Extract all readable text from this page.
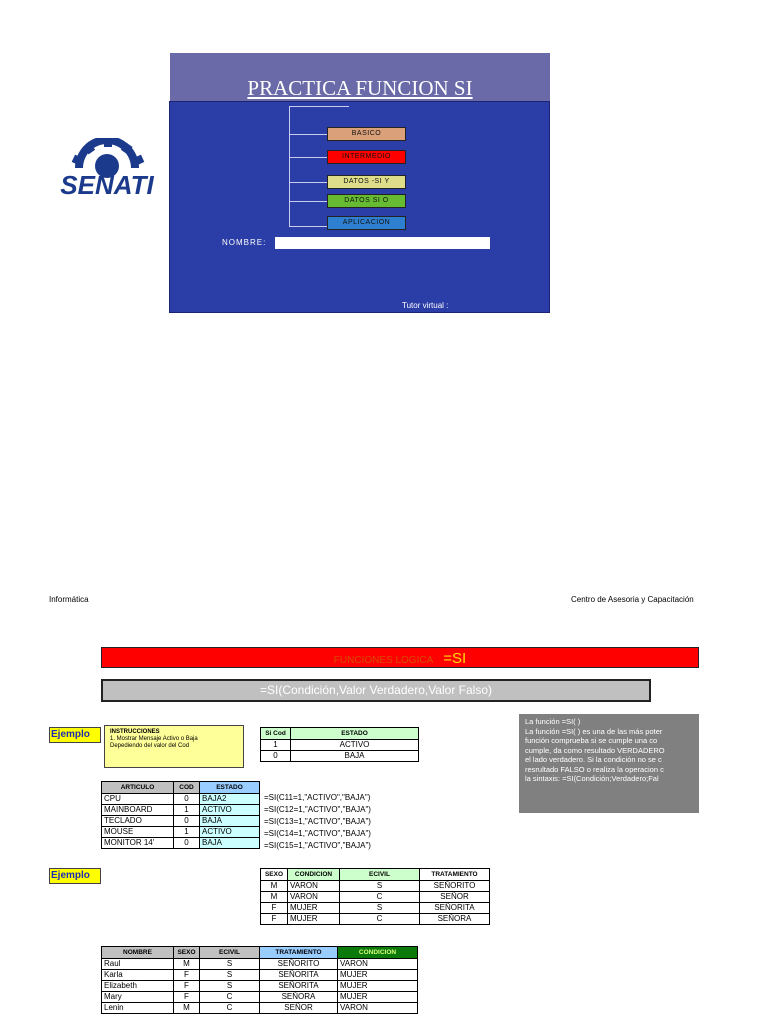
PRACTICA FUNCION SI
BASICO
INTERMEDIO
DATOS -SI Y
DATOS SI O
APLICACION
NOMBRE:
Tutor virtual :
SENATI
Informática	Centro de Asesoria y Capacitación
FUNCIONES LOGICA =SI
=SI(Condición,Valor Verdadero,Valor Falso)
Ejemplo
Ejemplo
INSTRUCCIONES
1. Mostrar Mensaje Activo o Baja
Depediendo del valor del Cod
La función =SI( )
La función =SI( ) es una de las más poter
función comprueba si se cumple una co
cumple, da como resultado VERDADERO
el lado verdadero. Si la condición no se c
resrultado FALSO o realiza la operacion c
la sintaxis: =SI(Condición;Verdadero;Fal
Si Cod	ESTADO
1	ACTIVO
0	BAJA
ARTICULO	COD	ESTADO
CPU	0	BAJA2
MAINBOARD	1	ACTIVO
TECLADO	0	BAJA
MOUSE	1	ACTIVO
MONITOR 14'	0	BAJA
=SI(C11=1,"ACTIVO","BAJA")
=SI(C12=1,"ACTIVO","BAJA")
=SI(C13=1,"ACTIVO","BAJA")
=SI(C14=1,"ACTIVO","BAJA")
=SI(C15=1,"ACTIVO","BAJA")
SEXO	CONDICION	ECIVIL	TRATAMIENTO
M	VARON	S	SEÑORITO
M	VARON	C	SEÑOR
F	MUJER	S	SEÑORITA
F	MUJER	C	SEÑORA
NOMBRE	SEXO	ECIVIL	TRATAMIENTO	CONDICION
Raul	M	S	SEÑORITO	VARON
Karla	F	S	SEÑORITA	MUJER
Elizabeth	F	S	SEÑORITA	MUJER
Mary	F	C	SEÑORA	MUJER
Lenin	M	C	SEÑOR	VARON
